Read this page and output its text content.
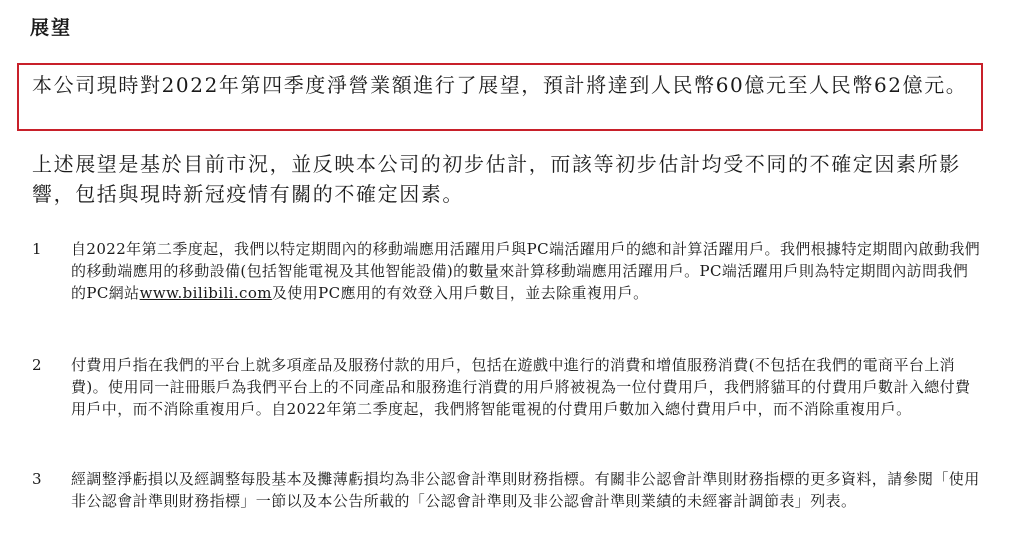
展望

本公司現時對2022年第四季度淨營業額進行了展望，預計將達到人民幣60億元至人民幣62億元。

上述展望是基於目前市況，並反映本公司的初步估計，而該等初步估計均受不同的不確定因素所影響，包括與現時新冠疫情有關的不確定因素。

1	自2022年第二季度起，我們以特定期間內的移動端應用活躍用戶與PC端活躍用戶的總和計算活躍用戶。我們根據特定期間內啟動我們的移動端應用的移動設備(包括智能電視及其他智能設備)的數量來計算移動端應用活躍用戶。PC端活躍用戶則為特定期間內訪問我們的PC網站www.bilibili.com及使用PC應用的有效登入用戶數目，並去除重複用戶。

2	付費用戶指在我們的平台上就多項產品及服務付款的用戶，包括在遊戲中進行的消費和增值服務消費(不包括在我們的電商平台上消費)。使用同一註冊賬戶為我們平台上的不同產品和服務進行消費的用戶將被視為一位付費用戶，我們將貓耳的付費用戶數計入總付費用戶中，而不消除重複用戶。自2022年第二季度起，我們將智能電視的付費用戶數加入總付費用戶中，而不消除重複用戶。

3	經調整淨虧損以及經調整每股基本及攤薄虧損均為非公認會計準則財務指標。有關非公認會計準則財務指標的更多資料，請參閱「使用非公認會計準則財務指標」一節以及本公告所載的「公認會計準則及非公認會計準則業績的未經審計調節表」列表。
